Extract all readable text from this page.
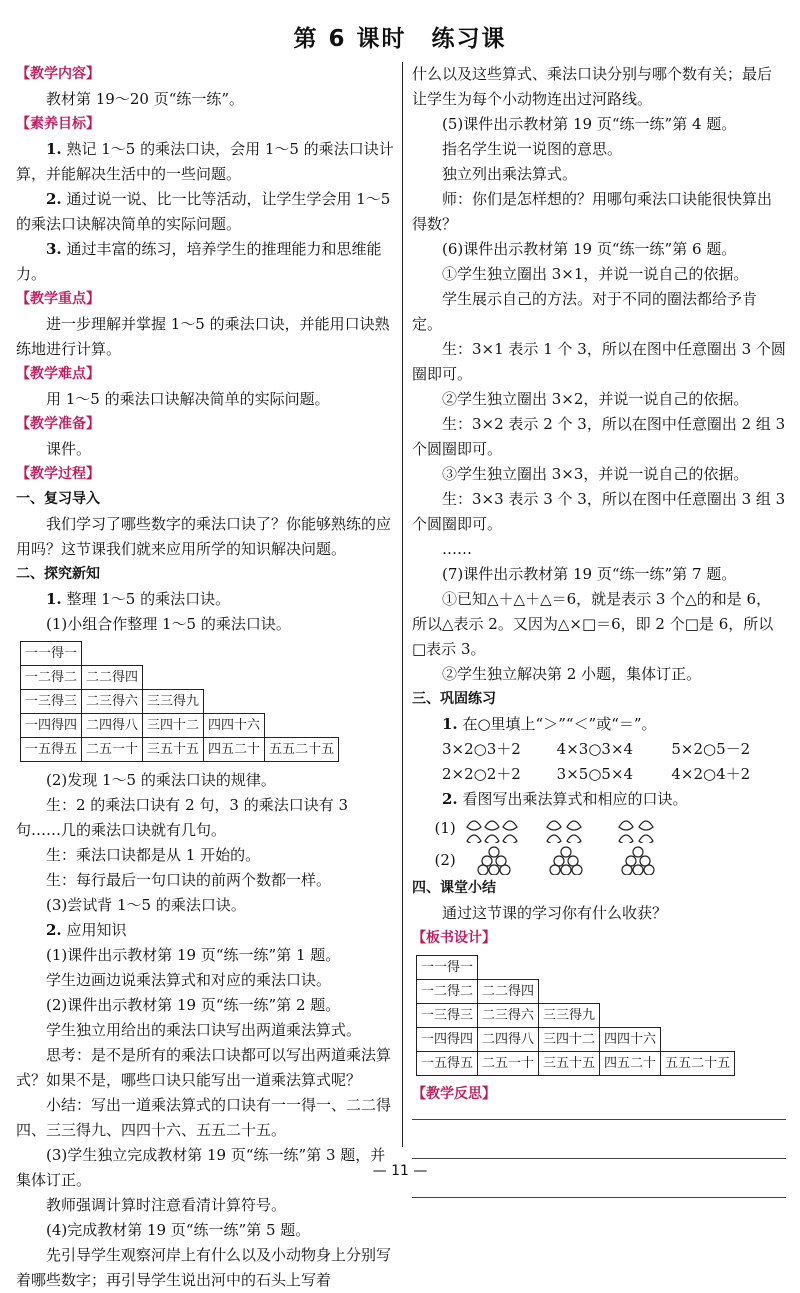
第 6 课时　练习课
【教学内容】
教材第 19～20 页“练一练”。
【素养目标】
1. 熟记 1～5 的乘法口诀，会用 1～5 的乘法口诀计算，并能解决生活中的一些问题。
2. 通过说一说、比一比等活动，让学生学会用 1～5 的乘法口诀解决简单的实际问题。
3. 通过丰富的练习，培养学生的推理能力和思维能力。
【教学重点】
进一步理解并掌握 1～5 的乘法口诀，并能用口诀熟练地进行计算。
【教学难点】
用 1～5 的乘法口诀解决简单的实际问题。
【教学准备】
课件。
【教学过程】
一、复习导入
我们学习了哪些数字的乘法口诀了？你能够熟练的应用吗？这节课我们就来应用所学的知识解决问题。
二、探究新知
1. 整理 1～5 的乘法口诀。
(1)小组合作整理 1～5 的乘法口诀。
一一得一				
一二得二	二二得四			
一三得三	二三得六	三三得九		
一四得四	二四得八	三四十二	四四十六	
一五得五	二五一十	三五十五	四五二十	五五二十五
(2)发现 1～5 的乘法口诀的规律。
生：2 的乘法口诀有 2 句，3 的乘法口诀有 3 句……几的乘法口诀就有几句。
生：乘法口诀都是从 1 开始的。
生：每行最后一句口诀的前两个数都一样。
(3)尝试背 1～5 的乘法口诀。
2. 应用知识
(1)课件出示教材第 19 页“练一练”第 1 题。
学生边画边说乘法算式和对应的乘法口诀。
(2)课件出示教材第 19 页“练一练”第 2 题。
学生独立用给出的乘法口诀写出两道乘法算式。
思考：是不是所有的乘法口诀都可以写出两道乘法算式？如果不是，哪些口诀只能写出一道乘法算式呢？
小结：写出一道乘法算式的口诀有一一得一、二二得四、三三得九、四四十六、五五二十五。
(3)学生独立完成教材第 19 页“练一练”第 3 题，并集体订正。
教师强调计算时注意看清计算符号。
(4)完成教材第 19 页“练一练”第 5 题。
先引导学生观察河岸上有什么以及小动物身上分别写着哪些数字；再引导学生说出河中的石头上写着
什么以及这些算式、乘法口诀分别与哪个数有关；最后让学生为每个小动物连出过河路线。
(5)课件出示教材第 19 页“练一练”第 4 题。
指名学生说一说图的意思。
独立列出乘法算式。
师：你们是怎样想的？用哪句乘法口诀能很快算出得数？
(6)课件出示教材第 19 页“练一练”第 6 题。
①学生独立圈出 3×1，并说一说自己的依据。
学生展示自己的方法。对于不同的圈法都给予肯定。
生：3×1 表示 1 个 3，所以在图中任意圈出 3 个圆圈即可。
②学生独立圈出 3×2，并说一说自己的依据。
生：3×2 表示 2 个 3，所以在图中任意圈出 2 组 3 个圆圈即可。
③学生独立圈出 3×3，并说一说自己的依据。
生：3×3 表示 3 个 3，所以在图中任意圈出 3 组 3 个圆圈即可。
……
(7)课件出示教材第 19 页“练一练”第 7 题。
①已知△＋△＋△＝6，就是表示 3 个△的和是 6，所以△表示 2。又因为△×□＝6，即 2 个□是 6，所以□表示 3。
②学生独立解决第 2 小题，集体订正。
三、巩固练习
1. 在○里填上“＞”“＜”或“＝”。
3×2○3＋2	4×3○3×4	5×2○5－2
2×2○2＋2	3×5○5×4	4×2○4＋2
2. 看图写出乘法算式和相应的口诀。
(1)
(2)
四、课堂小结
通过这节课的学习你有什么收获？
【板书设计】
一一得一				
一二得二	二二得四			
一三得三	二三得六	三三得九		
一四得四	二四得八	三四十二	四四十六	
一五得五	二五一十	三五十五	四五二十	五五二十五
【教学反思】
— 11 —
